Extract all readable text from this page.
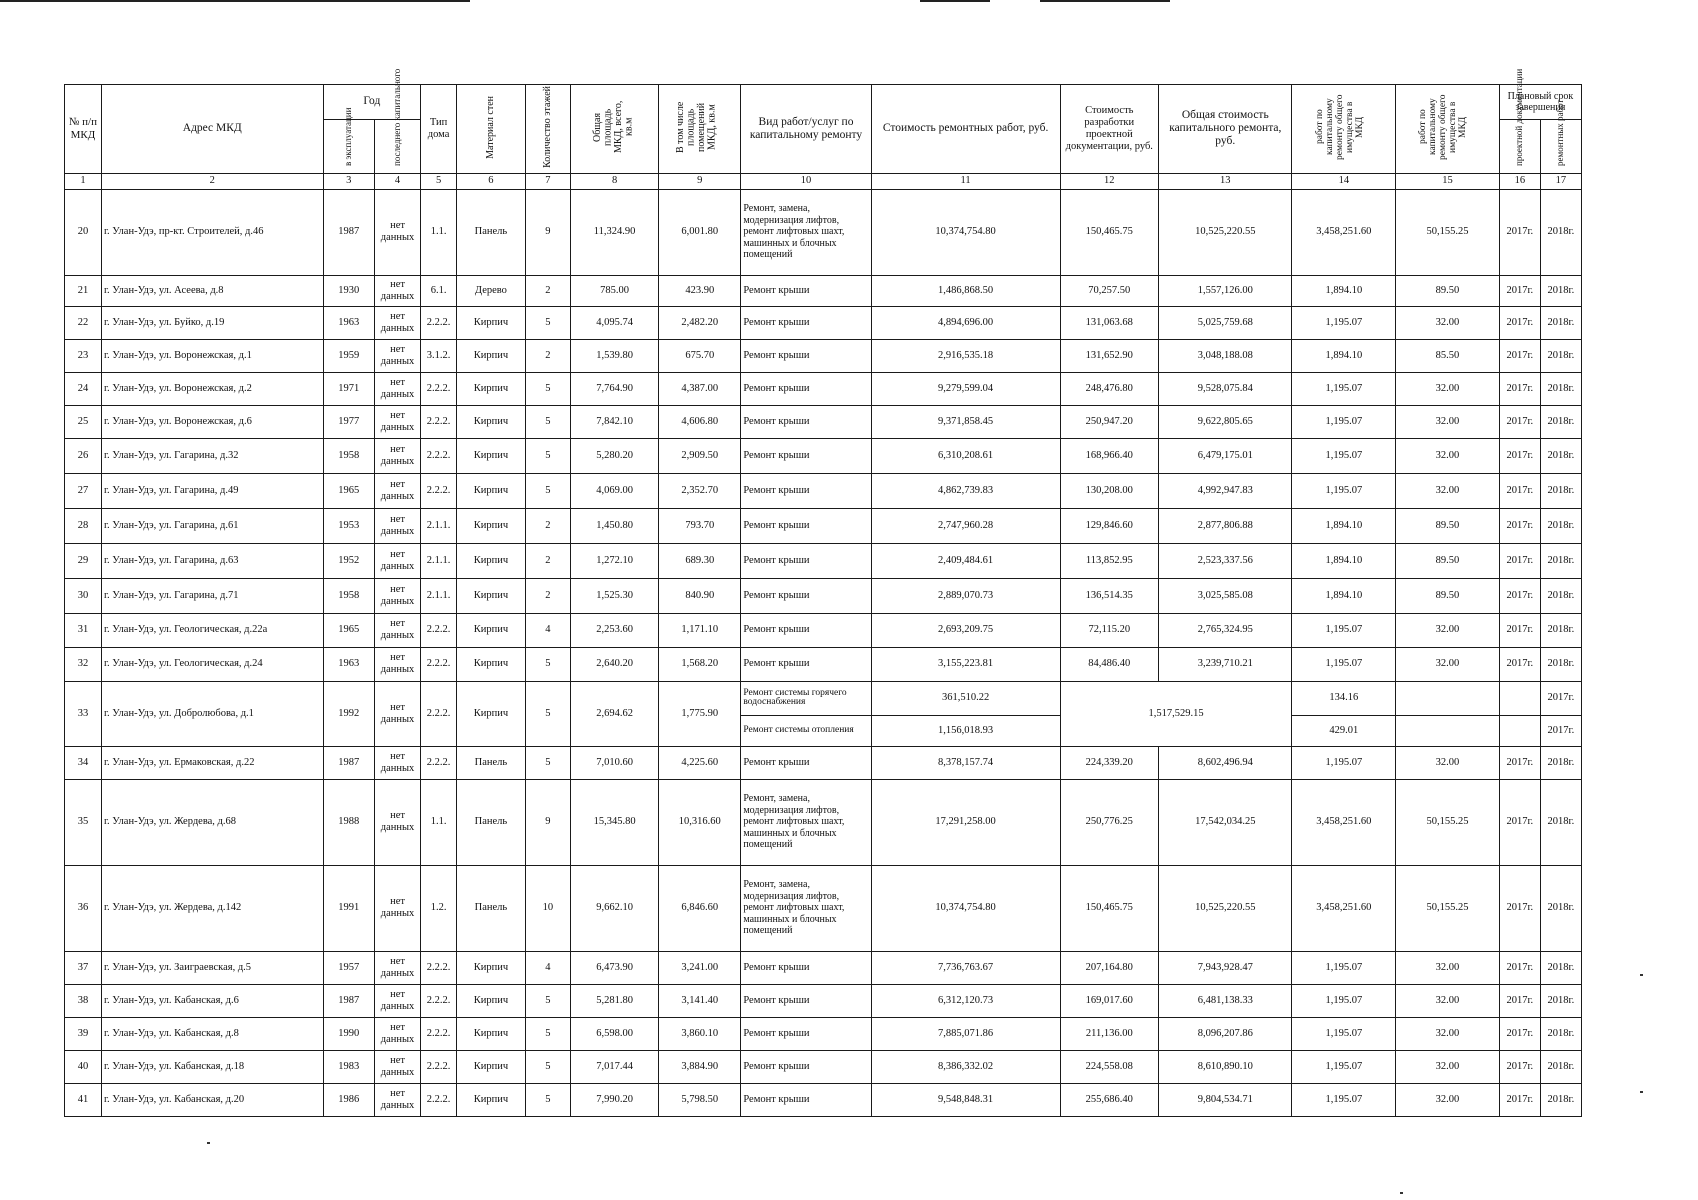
№ п/п МКД	Адрес МКД	Год		Тип дома	Материал стен	Количество этажей	Общая площадь МКД, всего, кв.м	В том числе площадь помещений МКД, кв.м	Вид работ/услуг по капитальному ремонту	Стоимость ремонтных работ, руб.	Стоимость разработки проектной документации, руб.	Общая стоимость капитального ремонта, руб.	работ по капитальному ремонту общего имущества в МКД	работ по капитальному ремонту общего имущества в МКД	Плановый срок завершения	
		в эксплуатации	последнего капитального												проектной документации	ремонтных работ
1	2	3	4	5	6	7	8	9	10	11	12	13	14	15	16	17
20	г. Улан-Удэ, пр-кт. Строителей, д.46	1987	нет данных	1.1.	Панель	9	11,324.90	6,001.80	Ремонт, замена, модернизация лифтов, ремонт лифтовых шахт, машинных и блочных помещений	10,374,754.80	150,465.75	10,525,220.55	3,458,251.60	50,155.25	2017г.	2018г.
21	г. Улан-Удэ, ул. Асеева, д.8	1930	нет данных	6.1.	Дерево	2	785.00	423.90	Ремонт крыши	1,486,868.50	70,257.50	1,557,126.00	1,894.10	89.50	2017г.	2018г.
22	г. Улан-Удэ, ул. Буйко, д.19	1963	нет данных	2.2.2.	Кирпич	5	4,095.74	2,482.20	Ремонт крыши	4,894,696.00	131,063.68	5,025,759.68	1,195.07	32.00	2017г.	2018г.
23	г. Улан-Удэ, ул. Воронежская, д.1	1959	нет данных	3.1.2.	Кирпич	2	1,539.80	675.70	Ремонт крыши	2,916,535.18	131,652.90	3,048,188.08	1,894.10	85.50	2017г.	2018г.
24	г. Улан-Удэ, ул. Воронежская, д.2	1971	нет данных	2.2.2.	Кирпич	5	7,764.90	4,387.00	Ремонт крыши	9,279,599.04	248,476.80	9,528,075.84	1,195.07	32.00	2017г.	2018г.
25	г. Улан-Удэ, ул. Воронежская, д.6	1977	нет данных	2.2.2.	Кирпич	5	7,842.10	4,606.80	Ремонт крыши	9,371,858.45	250,947.20	9,622,805.65	1,195.07	32.00	2017г.	2018г.
26	г. Улан-Удэ, ул. Гагарина, д.32	1958	нет данных	2.2.2.	Кирпич	5	5,280.20	2,909.50	Ремонт крыши	6,310,208.61	168,966.40	6,479,175.01	1,195.07	32.00	2017г.	2018г.
27	г. Улан-Удэ, ул. Гагарина, д.49	1965	нет данных	2.2.2.	Кирпич	5	4,069.00	2,352.70	Ремонт крыши	4,862,739.83	130,208.00	4,992,947.83	1,195.07	32.00	2017г.	2018г.
28	г. Улан-Удэ, ул. Гагарина, д.61	1953	нет данных	2.1.1.	Кирпич	2	1,450.80	793.70	Ремонт крыши	2,747,960.28	129,846.60	2,877,806.88	1,894.10	89.50	2017г.	2018г.
29	г. Улан-Удэ, ул. Гагарина, д.63	1952	нет данных	2.1.1.	Кирпич	2	1,272.10	689.30	Ремонт крыши	2,409,484.61	113,852.95	2,523,337.56	1,894.10	89.50	2017г.	2018г.
30	г. Улан-Удэ, ул. Гагарина, д.71	1958	нет данных	2.1.1.	Кирпич	2	1,525.30	840.90	Ремонт крыши	2,889,070.73	136,514.35	3,025,585.08	1,894.10	89.50	2017г.	2018г.
31	г. Улан-Удэ, ул. Геологическая, д.22а	1965	нет данных	2.2.2.	Кирпич	4	2,253.60	1,171.10	Ремонт крыши	2,693,209.75	72,115.20	2,765,324.95	1,195.07	32.00	2017г.	2018г.
32	г. Улан-Удэ, ул. Геологическая, д.24	1963	нет данных	2.2.2.	Кирпич	5	2,640.20	1,568.20	Ремонт крыши	3,155,223.81	84,486.40	3,239,710.21	1,195.07	32.00	2017г.	2018г.
33	г. Улан-Удэ, ул. Добролюбова, д.1	1992	нет данных	2.2.2.	Кирпич	5	2,694.62	1,775.90	Ремонт системы горячего водоснабжения	361,510.22	1,517,529.15		134.16			2017г.
									Ремонт системы отопления	1,156,018.93			429.01			2017г.
34	г. Улан-Удэ, ул. Ермаковская, д.22	1987	нет данных	2.2.2.	Панель	5	7,010.60	4,225.60	Ремонт крыши	8,378,157.74	224,339.20	8,602,496.94	1,195.07	32.00	2017г.	2018г.
35	г. Улан-Удэ, ул. Жердева, д.68	1988	нет данных	1.1.	Панель	9	15,345.80	10,316.60	Ремонт, замена, модернизация лифтов, ремонт лифтовых шахт, машинных и блочных помещений	17,291,258.00	250,776.25	17,542,034.25	3,458,251.60	50,155.25	2017г.	2018г.
36	г. Улан-Удэ, ул. Жердева, д.142	1991	нет данных	1.2.	Панель	10	9,662.10	6,846.60	Ремонт, замена, модернизация лифтов, ремонт лифтовых шахт, машинных и блочных помещений	10,374,754.80	150,465.75	10,525,220.55	3,458,251.60	50,155.25	2017г.	2018г.
37	г. Улан-Удэ, ул. Заиграевская, д.5	1957	нет данных	2.2.2.	Кирпич	4	6,473.90	3,241.00	Ремонт крыши	7,736,763.67	207,164.80	7,943,928.47	1,195.07	32.00	2017г.	2018г.
38	г. Улан-Удэ, ул. Кабанская, д.6	1987	нет данных	2.2.2.	Кирпич	5	5,281.80	3,141.40	Ремонт крыши	6,312,120.73	169,017.60	6,481,138.33	1,195.07	32.00	2017г.	2018г.
39	г. Улан-Удэ, ул. Кабанская, д.8	1990	нет данных	2.2.2.	Кирпич	5	6,598.00	3,860.10	Ремонт крыши	7,885,071.86	211,136.00	8,096,207.86	1,195.07	32.00	2017г.	2018г.
40	г. Улан-Удэ, ул. Кабанская, д.18	1983	нет данных	2.2.2.	Кирпич	5	7,017.44	3,884.90	Ремонт крыши	8,386,332.02	224,558.08	8,610,890.10	1,195.07	32.00	2017г.	2018г.
41	г. Улан-Удэ, ул. Кабанская, д.20	1986	нет данных	2.2.2.	Кирпич	5	7,990.20	5,798.50	Ремонт крыши	9,548,848.31	255,686.40	9,804,534.71	1,195.07	32.00	2017г.	2018г.
